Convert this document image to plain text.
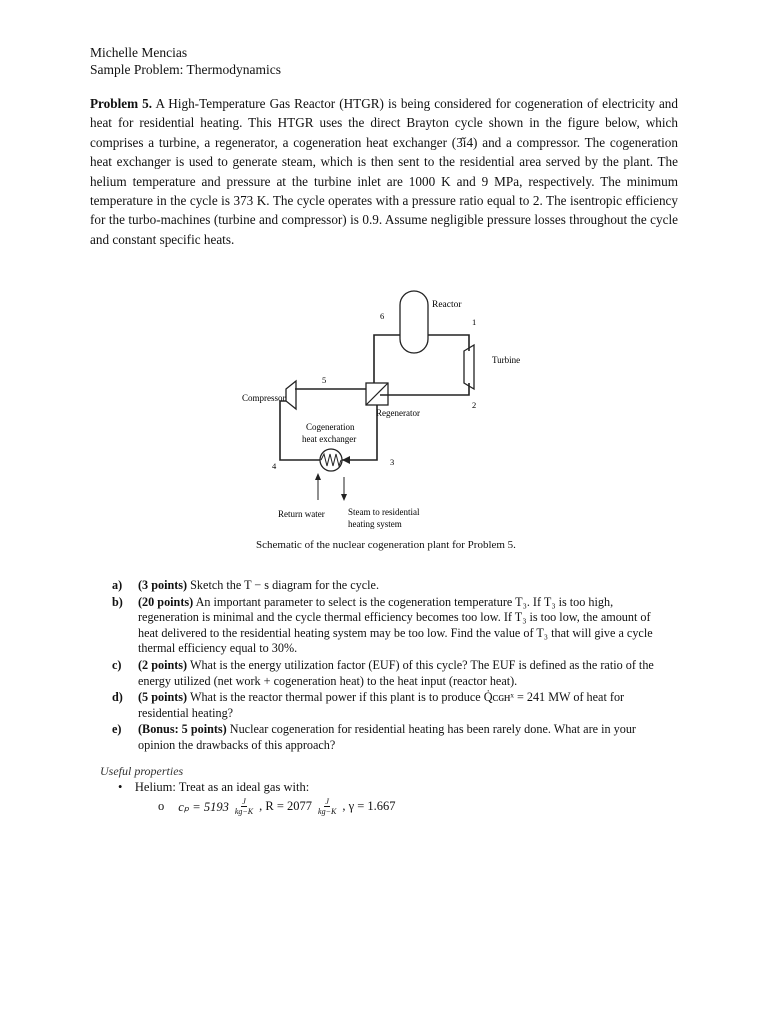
Michelle Mencias
Sample Problem: Thermodynamics
Problem 5. A High-Temperature Gas Reactor (HTGR) is being considered for cogeneration of electricity and heat for residential heating. This HTGR uses the direct Brayton cycle shown in the figure below, which comprises a turbine, a regenerator, a cogeneration heat exchanger (3̂í4) and a compressor. The cogeneration heat exchanger is used to generate steam, which is then sent to the residential area served by the plant. The helium temperature and pressure at the turbine inlet are 1000 K and 9 MPa, respectively. The minimum temperature in the cycle is 373 K. The cycle operates with a pressure ratio equal to 2. The isentropic efficiency for the turbo-machines (turbine and compressor) is 0.9. Assume negligible pressure losses throughout the cycle and constant specific heats.
Reactor
6
1
Turbine
2
Regenerator
5
Compressor
3
Cogeneration
heat exchanger
4
Return water	Steam to residential
heating system
Schematic of the nuclear cogeneration plant for Problem 5.
a)	(3 points) Sketch the T − s diagram for the cycle.
b)	(20 points) An important parameter to select is the cogeneration temperature T₃. If T₃ is too high, regeneration is minimal and the cycle thermal efficiency becomes too low. If T₃ is too low, the amount of heat delivered to the residential heating system may be too low. Find the value of T₃ that will give a cycle thermal efficiency equal to 30%.
c)	(2 points) What is the energy utilization factor (EUF) of this cycle? The EUF is defined as the ratio of the energy utilized (net work + cogeneration heat) to the heat input (reactor heat).
d)	(5 points) What is the reactor thermal power if this plant is to produce Q̇ᴄɢʜˣ = 241 MW of heat for residential heating?
e)	(Bonus: 5 points) Nuclear cogeneration for residential heating has been rarely done. What are in your opinion the drawbacks of this approach?
Useful properties
•    Helium: Treat as an ideal gas with:
o $c_p = 5193 \frac{J}{kg-K}$ , $R = 2077 \frac{J}{kg-K}$ , γ = 1.667
